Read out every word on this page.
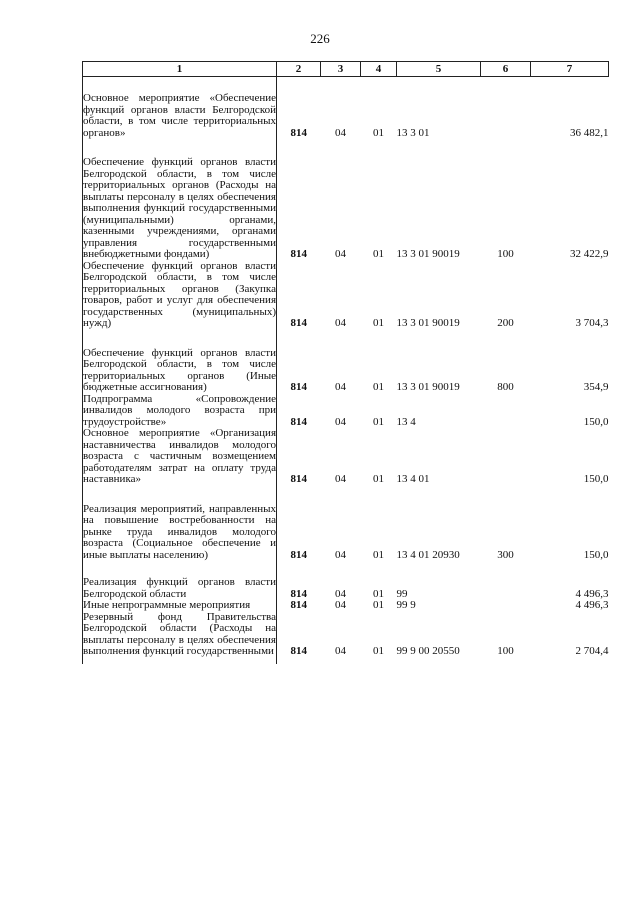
226
1	2	3	4	5	6	7

Основное мероприятие «Обеспечение функций органов власти Белгородской области, в том числе территориальных органов»	814	04	01	13 3 01		36 482,1

Обеспечение функций органов власти Белгородской области, в том числе территориальных органов (Расходы на выплаты персоналу в целях обеспечения выполнения функций государственными (муниципальными) органами, казенными учреждениями, органами управления государственными внебюджетными фондами)	814	04	01	13 3 01 90019	100	32 422,9
Обеспечение функций органов власти Белгородской области, в том числе территориальных органов (Закупка товаров, работ и услуг для обеспечения государственных (муниципальных) нужд)	814	04	01	13 3 01 90019	200	3 704,3

Обеспечение функций органов власти Белгородской области, в том числе территориальных органов (Иные бюджетные ассигнования)	814	04	01	13 3 01 90019	800	354,9
Подпрограмма «Сопровождение инвалидов молодого возраста при трудоустройстве»	814	04	01	13 4		150,0
Основное мероприятие «Организация наставничества инвалидов молодого возраста с частичным возмещением работодателям затрат на оплату труда наставника»	814	04	01	13 4 01		150,0

Реализация мероприятий, направленных на повышение востребованности на рынке труда инвалидов молодого возраста (Социальное обеспечение и иные выплаты населению)	814	04	01	13 4 01 20930	300	150,0

Реализация функций органов власти Белгородской области	814	04	01	99		4 496,3
Иные непрограммные мероприятия	814	04	01	99 9		4 496,3
Резервный фонд Правительства Белгородской области (Расходы на выплаты персоналу в целях обеспечения выполнения функций государственными	814	04	01	99 9 00 20550	100	2 704,4
